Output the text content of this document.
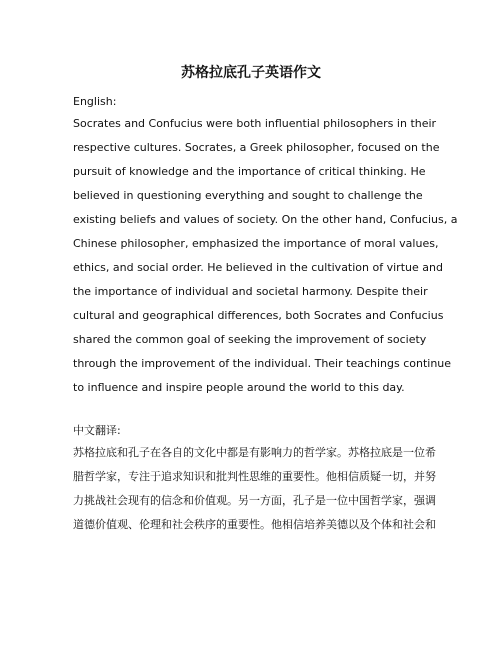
苏格拉底孔子英语作文

English:

Socrates and Confucius were both influential philosophers in their

respective cultures. Socrates, a Greek philosopher, focused on the

pursuit of knowledge and the importance of critical thinking. He

believed in questioning everything and sought to challenge the

existing beliefs and values of society. On the other hand, Confucius, a

Chinese philosopher, emphasized the importance of moral values,

ethics, and social order. He believed in the cultivation of virtue and

the importance of individual and societal harmony. Despite their

cultural and geographical differences, both Socrates and Confucius

shared the common goal of seeking the improvement of society

through the improvement of the individual. Their teachings continue

to influence and inspire people around the world to this day.

中文翻译:

苏格拉底和孔子在各自的文化中都是有影响力的哲学家。苏格拉底是一位希

腊哲学家，专注于追求知识和批判性思维的重要性。他相信质疑一切，并努

力挑战社会现有的信念和价值观。另一方面，孔子是一位中国哲学家，强调

道德价值观、伦理和社会秩序的重要性。他相信培养美德以及个体和社会和
